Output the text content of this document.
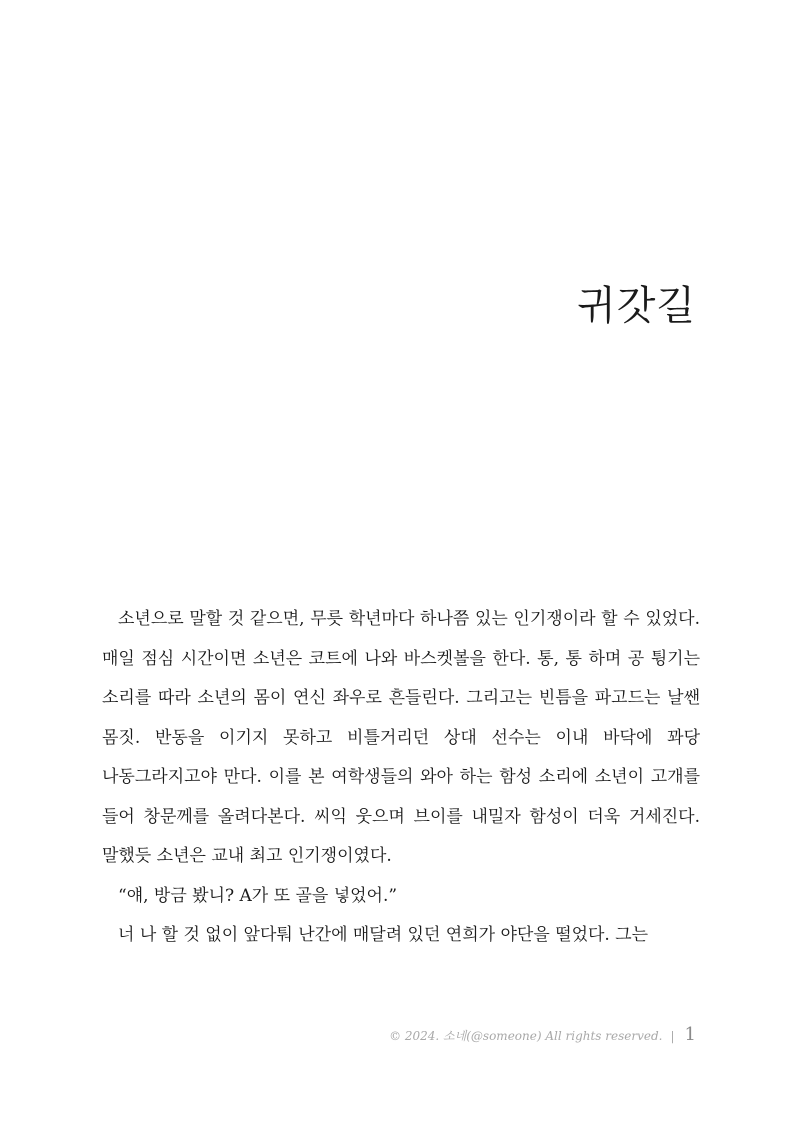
귀갓길

소년으로 말할 것 같으면, 무릇 학년마다 하나쯤 있는 인기쟁이라 할 수 있었다. 매일 점심 시간이면 소년은 코트에 나와 바스켓볼을 한다. 통, 통 하며 공 튕기는 소리를 따라 소년의 몸이 연신 좌우로 흔들린다. 그리고는 빈틈을 파고드는 날쌘 몸짓. 반동을 이기지 못하고 비틀거리던 상대 선수는 이내 바닥에 꽈당 나동그라지고야 만다. 이를 본 여학생들의 와아 하는 함성 소리에 소년이 고개를 들어 창문께를 올려다본다. 씨익 웃으며 브이를 내밀자 함성이 더욱 거세진다. 말했듯 소년은 교내 최고 인기쟁이였다.

“얘, 방금 봤니? A가 또 골을 넣었어.”

너 나 할 것 없이 앞다퉈 난간에 매달려 있던 연희가 야단을 떨었다. 그는

© 2024. 소네(@someone) All rights reserved. | 1
